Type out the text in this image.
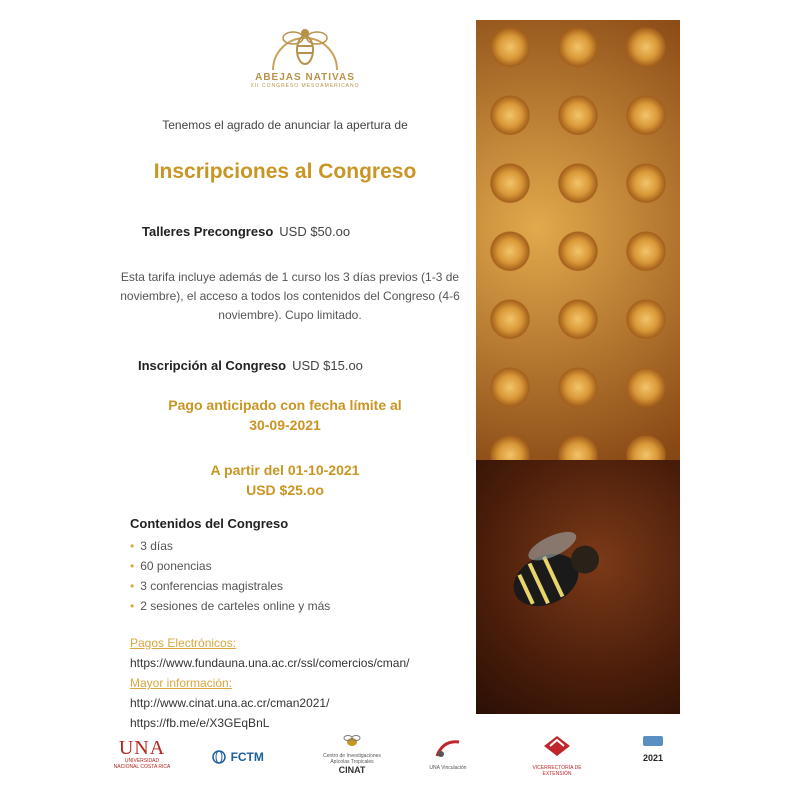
ABEJAS NATIVAS
XII CONGRESO MESOAMERICANO
Tenemos el agrado de anunciar la apertura de
Inscripciones al Congreso
Talleres Precongreso USD $50.oo
Esta tarifa incluye además de 1 curso los 3 días previos (1-3 de noviembre), el acceso a todos los contenidos del Congreso (4-6 noviembre). Cupo limitado.
Inscripción al Congreso USD $15.oo
Pago anticipado con fecha límite al
30-09-2021
A partir del 01-10-2021
USD $25.oo
Contenidos del Congreso
• 3 días
• 60 ponencias
• 3 conferencias magistrales
• 2 sesiones de carteles online y más
Pagos Electrónicos:
https://www.fundauna.una.ac.cr/ssl/comercios/cman/
Mayor información:
http://www.cinat.una.ac.cr/cman2021/
https://fb.me/e/X3GEqBnL
UNA
UNIVERSIDAD NACIONAL COSTA RICA
FCTM	Centro de Investigaciones Apícolas Tropicales
CINAT	UNA Vinculación	VICERRECTORÍA DE EXTENSIÓN
2021
